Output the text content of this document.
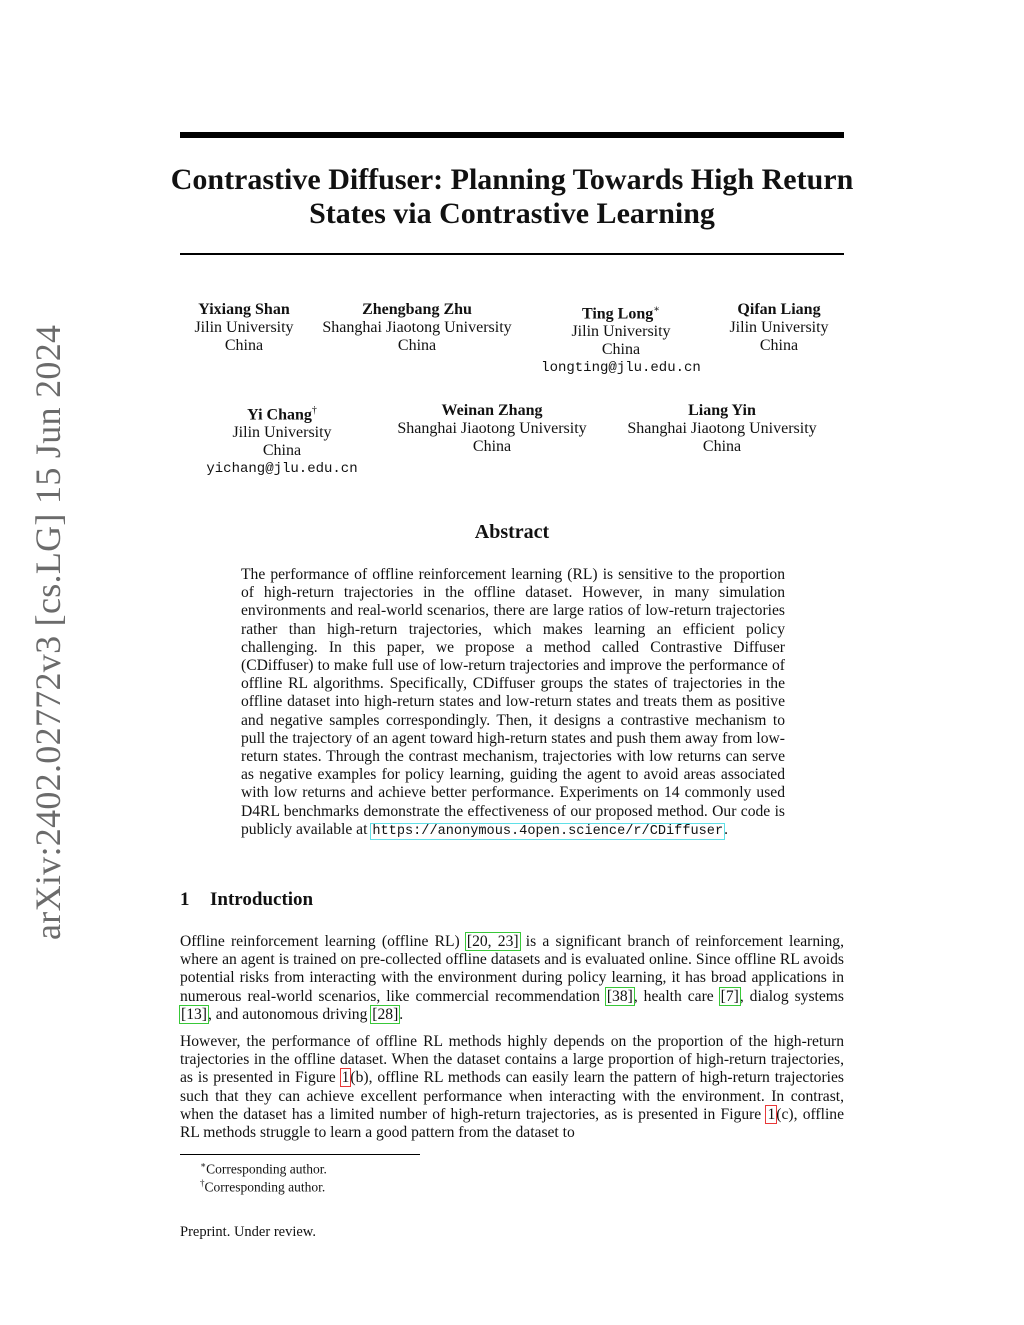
arXiv:2402.02772v3 [cs.LG] 15 Jun 2024
Contrastive Diffuser: Planning Towards High Return States via Contrastive Learning
Yixiang Shan
Jilin University
China
Zhengbang Zhu
Shanghai Jiaotong University
China
Ting Long∗
Jilin University
China
longting@jlu.edu.cn
Qifan Liang
Jilin University
China
Yi Chang†
Jilin University
China
yichang@jlu.edu.cn
Weinan Zhang
Shanghai Jiaotong University
China
Liang Yin
Shanghai Jiaotong University
China
Abstract

The performance of offline reinforcement learning (RL) is sensitive to the proportion of high-return trajectories in the offline dataset. However, in many simulation environments and real-world scenarios, there are large ratios of low-return trajectories rather than high-return trajectories, which makes learning an efficient policy challenging. In this paper, we propose a method called Contrastive Diffuser (CDiffuser) to make full use of low-return trajectories and improve the performance of offline RL algorithms. Specifically, CDiffuser groups the states of trajectories in the offline dataset into high-return states and low-return states and treats them as positive and negative samples correspondingly. Then, it designs a contrastive mechanism to pull the trajectory of an agent toward high-return states and push them away from low-return states. Through the contrast mechanism, trajectories with low returns can serve as negative examples for policy learning, guiding the agent to avoid areas associated with low returns and achieve better performance. Experiments on 14 commonly used D4RL benchmarks demonstrate the effectiveness of our proposed method. Our code is publicly available at https://anonymous.4open.science/r/CDiffuser.

1 Introduction

Offline reinforcement learning (offline RL) [20, 23] is a significant branch of reinforcement learning, where an agent is trained on pre-collected offline datasets and is evaluated online. Since offline RL avoids potential risks from interacting with the environment during policy learning, it has broad applications in numerous real-world scenarios, like commercial recommendation [38], health care [7], dialog systems [13], and autonomous driving [28].

However, the performance of offline RL methods highly depends on the proportion of the high-return trajectories in the offline dataset. When the dataset contains a large proportion of high-return trajectories, as is presented in Figure 1(b), offline RL methods can easily learn the pattern of high-return trajectories such that they can achieve excellent performance when interacting with the environment. In contrast, when the dataset has a limited number of high-return trajectories, as is presented in Figure 1(c), offline RL methods struggle to learn a good pattern from the dataset to

∗Corresponding author.

†Corresponding author.

Preprint. Under review.
